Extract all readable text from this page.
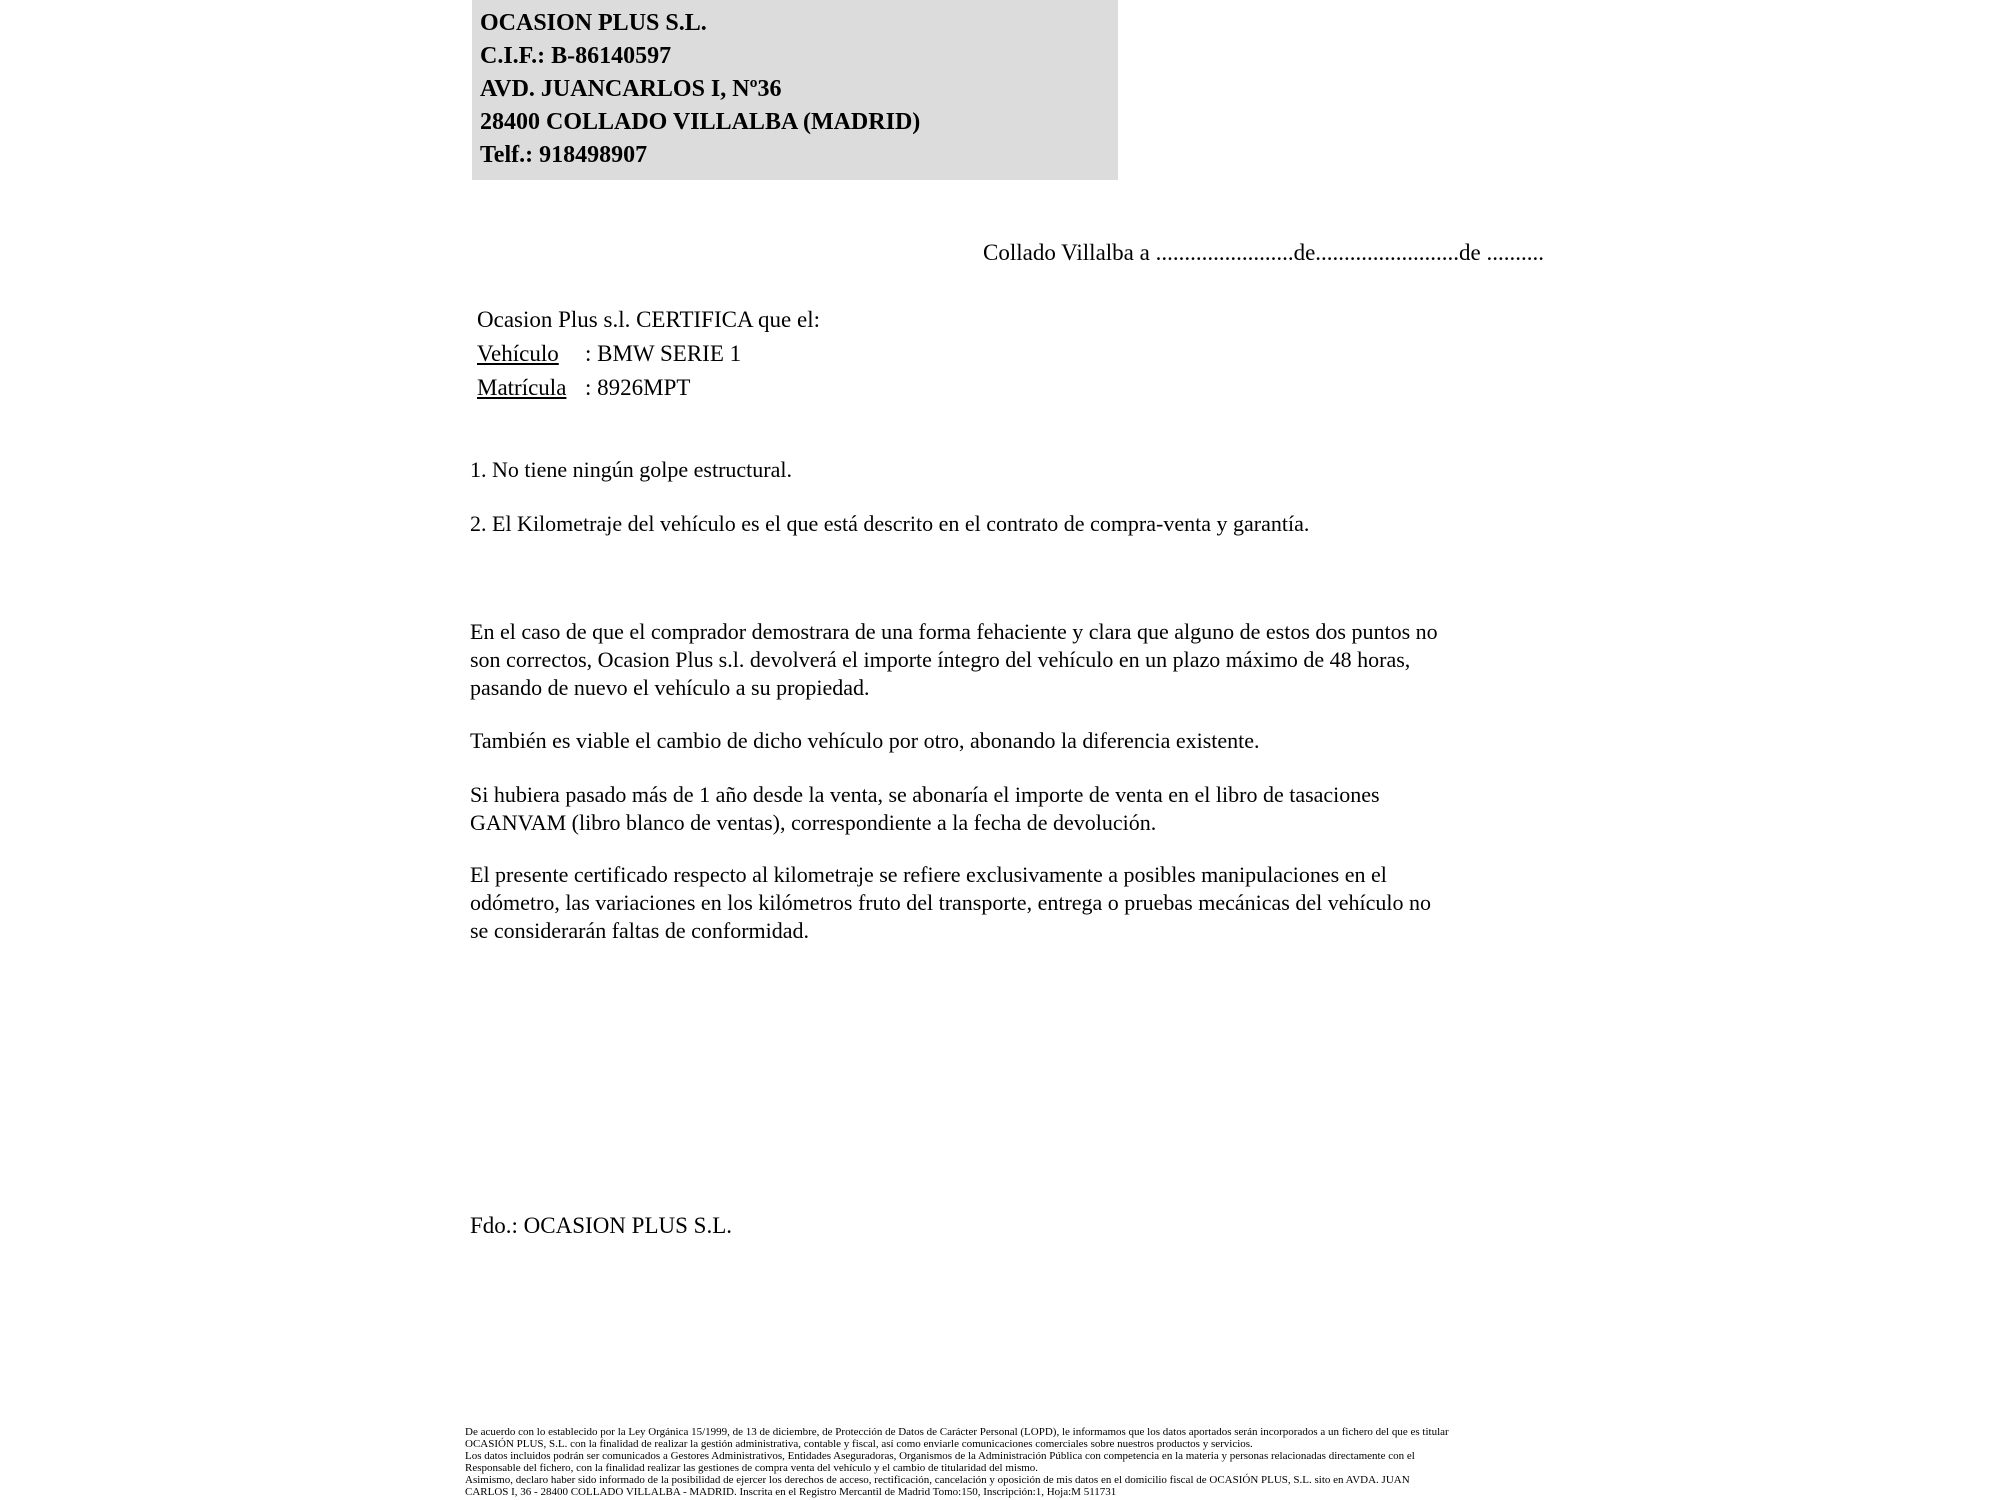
OCASION PLUS S.L.
C.I.F.: B-86140597
AVD. JUANCARLOS I, Nº36
28400 COLLADO VILLALBA (MADRID)
Telf.: 918498907
Collado Villalba a ........................de.........................de ..........
Ocasion Plus s.l. CERTIFICA que el:
Vehículo : BMW SERIE 1
Matrícula : 8926MPT
1. No tiene ningún golpe estructural.
2. El Kilometraje del vehículo es el que está descrito en el contrato de compra-venta y garantía.
En el caso de que el comprador demostrara de una forma fehaciente y clara que alguno de estos dos puntos no
son correctos, Ocasion Plus s.l. devolverá el importe íntegro del vehículo en un plazo máximo de 48 horas,
pasando de nuevo el vehículo a su propiedad.
También es viable el cambio de dicho vehículo por otro, abonando la diferencia existente.
Si hubiera pasado más de 1 año desde la venta, se abonaría el importe de venta en el libro de tasaciones
GANVAM (libro blanco de ventas), correspondiente a la fecha de devolución.
El presente certificado respecto al kilometraje se refiere exclusivamente a posibles manipulaciones en el
odómetro, las variaciones en los kilómetros fruto del transporte, entrega o pruebas mecánicas del vehículo no
se considerarán faltas de conformidad.
Fdo.: OCASION PLUS S.L.
De acuerdo con lo establecido por la Ley Orgánica 15/1999, de 13 de diciembre, de Protección de Datos de Carácter Personal (LOPD), le informamos que los datos aportados serán incorporados a un fichero del que es titular
OCASIÓN PLUS, S.L. con la finalidad de realizar la gestión administrativa, contable y fiscal, así como enviarle comunicaciones comerciales sobre nuestros productos y servicios.
Los datos incluidos podrán ser comunicados a Gestores Administrativos, Entidades Aseguradoras, Organismos de la Administración Pública con competencia en la materia y personas relacionadas directamente con el
Responsable del fichero, con la finalidad realizar las gestiones de compra venta del vehículo y el cambio de titularidad del mismo.
Asimismo, declaro haber sido informado de la posibilidad de ejercer los derechos de acceso, rectificación, cancelación y oposición de mis datos en el domicilio fiscal de OCASIÓN PLUS, S.L. sito en AVDA. JUAN
CARLOS I, 36 - 28400 COLLADO VILLALBA - MADRID. Inscrita en el Registro Mercantil de Madrid Tomo:150, Inscripción:1, Hoja:M 511731
